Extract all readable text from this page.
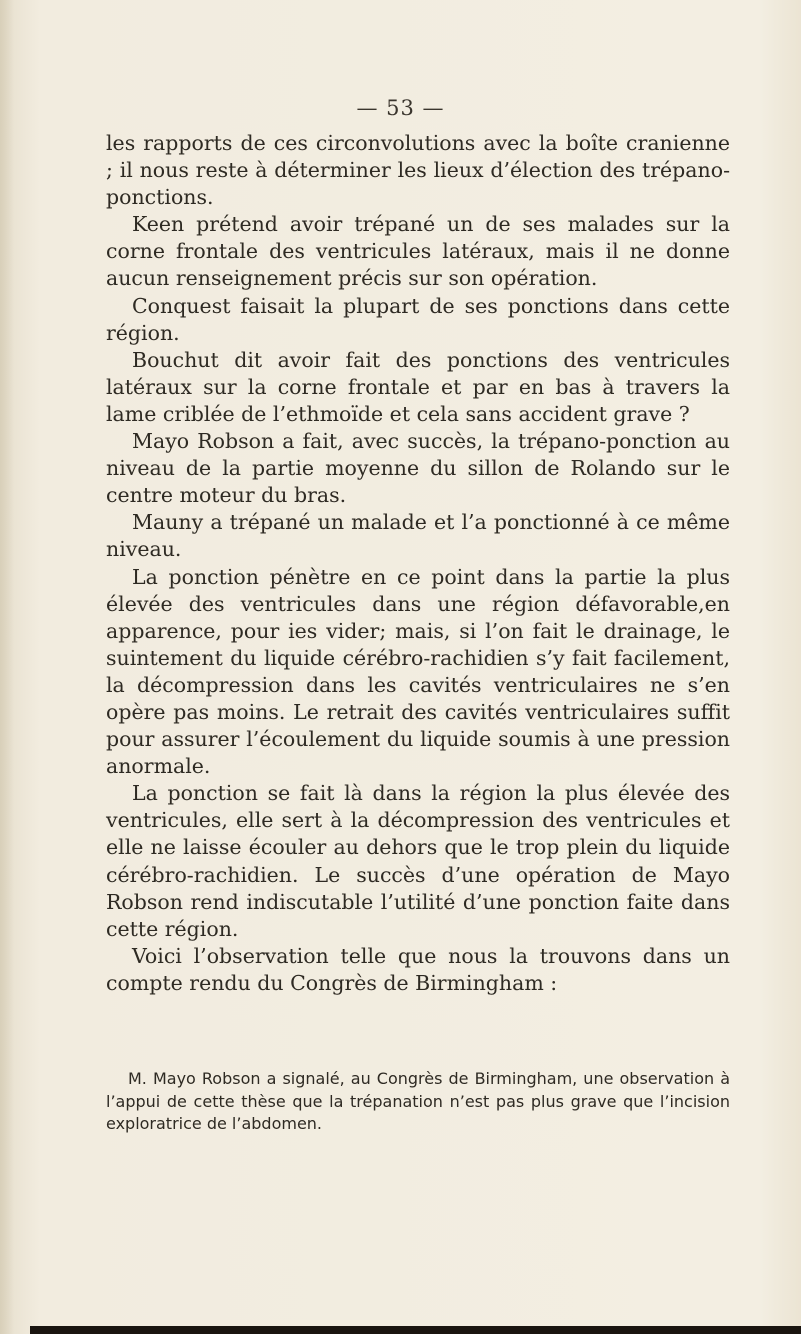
— 53 —

les rapports de ces circonvolutions avec la boîte cranienne ; il nous reste à déterminer les lieux d’élection des trépano-ponctions.

Keen prétend avoir trépané un de ses malades sur la corne frontale des ventricules latéraux, mais il ne donne aucun renseignement précis sur son opération.

Conquest faisait la plupart de ses ponctions dans cette région.

Bouchut dit avoir fait des ponctions des ventricules latéraux sur la corne frontale et par en bas à travers la lame criblée de l’ethmoïde et cela sans accident grave ?

Mayo Robson a fait, avec succès, la trépano-ponction au niveau de la partie moyenne du sillon de Rolando sur le centre moteur du bras.

Mauny a trépané un malade et l’a ponctionné à ce même niveau.

La ponction pénètre en ce point dans la partie la plus élevée des ventricules dans une région défavorable,en apparence, pour ies vider; mais, si l’on fait le drainage, le suintement du liquide cérébro-rachidien s’y fait facilement, la décompression dans les cavités ventriculaires ne s’en opère pas moins. Le retrait des cavités ventriculaires suffit pour assurer l’écoulement du liquide soumis à une pression anormale.

La ponction se fait là dans la région la plus élevée des ventricules, elle sert à la décompression des ventricules et elle ne laisse écouler au dehors que le trop plein du liquide cérébro-rachidien. Le succès d’une opération de Mayo Robson rend indiscutable l’utilité d’une ponction faite dans cette région.

Voici l’observation telle que nous la trouvons dans un compte rendu du Congrès de Birmingham :

M. Mayo Robson a signalé, au Congrès de Birmingham, une observation à l’appui de cette thèse que la trépanation n’est pas plus grave que l’incision exploratrice de l’abdomen.
